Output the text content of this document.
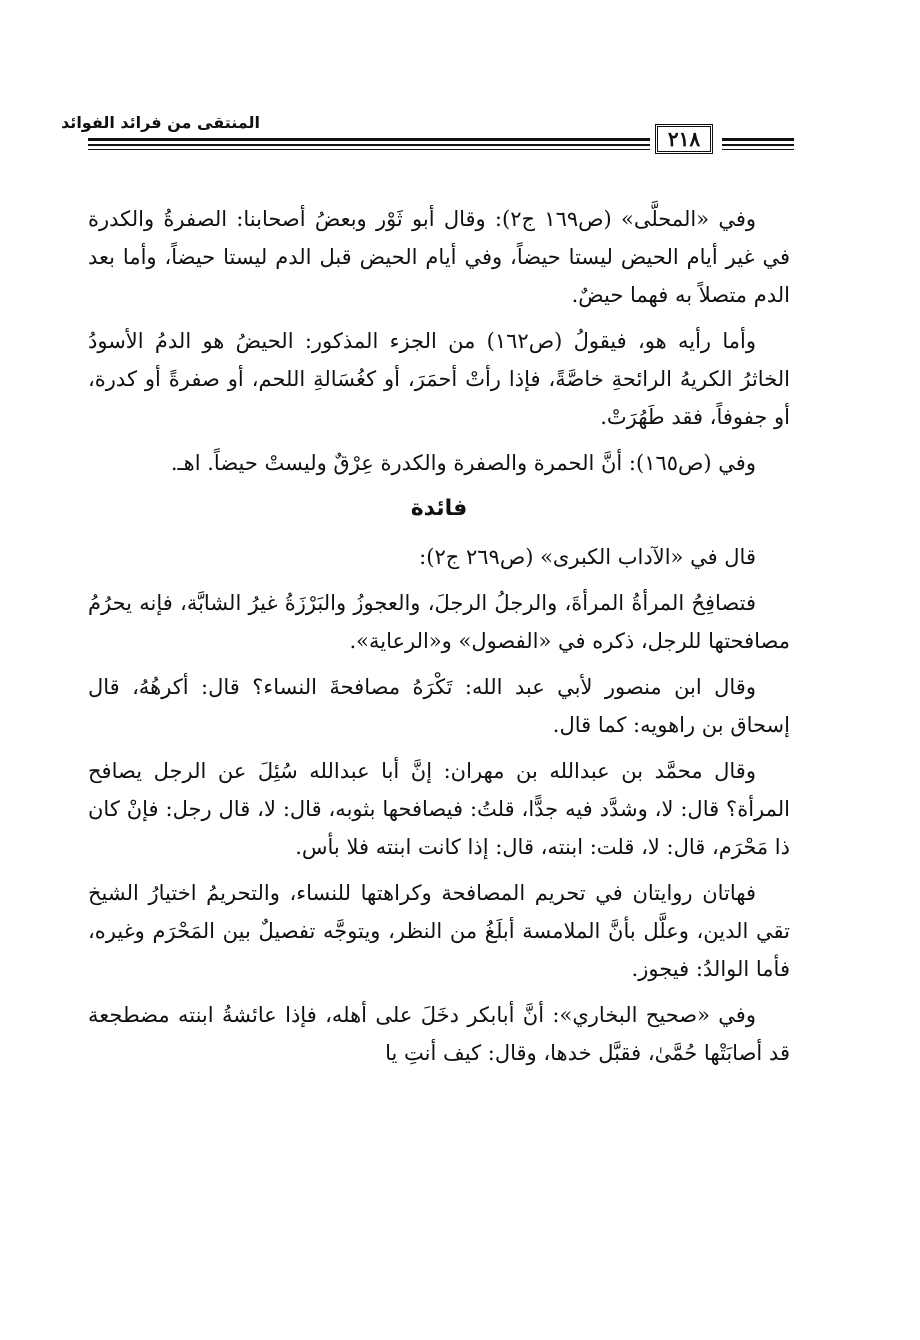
المنتقى من فرائد الفوائد
٢١٨

وفي «المحلَّى» (ص١٦٩ ج٢): وقال أبو ثَوْر وبعضُ أصحابنا: الصفرةُ والكدرة في غير أيام الحيض ليستا حيضاً، وفي أيام الحيض قبل الدم ليستا حيضاً، وأما بعد الدم متصلاً به فهما حيضٌ.

وأما رأيه هو، فيقولُ (ص١٦٢) من الجزء المذكور: الحيضُ هو الدمُ الأسودُ الخاثرُ الكريهُ الرائحةِ خاصَّةً، فإذا رأتْ أحمَرَ، أو كغُسَالةِ اللحم، أو صفرةً أو كدرة، أو جفوفاً، فقد طَهُرَتْ.

وفي (ص١٦٥): أنَّ الحمرة والصفرة والكدرة عِرْقٌ وليستْ حيضاً. اهـ.

فائدة

قال في «الآداب الكبرى» (ص٢٦٩ ج٢):

فتصافِحُ المرأةُ المرأةَ، والرجلُ الرجلَ، والعجوزُ والبَرْزَةُ غيرُ الشابَّة، فإنه يحرُمُ مصافحتها للرجل، ذكره في «الفصول» و«الرعاية».

وقال ابن منصور لأبي عبد الله: تَكْرَهُ مصافحةَ النساء؟ قال: أكرهُهُ، قال إسحاق بن راهويه: كما قال.

وقال محمَّد بن عبدالله بن مهران: إنَّ أبا عبدالله سُئِلَ عن الرجل يصافح المرأة؟ قال: لا، وشدَّد فيه جدًّا، قلتُ: فيصافحها بثوبه، قال: لا، قال رجل: فإنْ كان ذا مَحْرَم، قال: لا، قلت: ابنته، قال: إذا كانت ابنته فلا بأس.

فهاتان روايتان في تحريم المصافحة وكراهتها للنساء، والتحريمُ اختيارُ الشيخ تقي الدين، وعلَّل بأنَّ الملامسة أبلَغُ من النظر، ويتوجَّه تفصيلٌ بين المَحْرَم وغيره، فأما الوالدُ: فيجوز.

وفي «صحيح البخاري»: أنَّ أبابكر دخَلَ على أهله، فإذا عائشةُ ابنته مضطجعة قد أصابَتْها حُمَّىٰ، فقبَّل خدها، وقال: كيف أنتِ يا
